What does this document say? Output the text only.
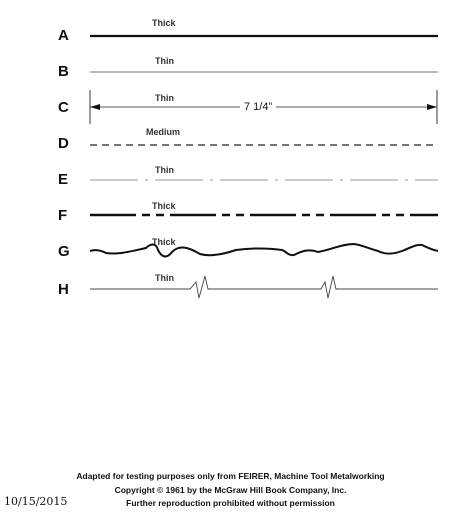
A
B
C
D
E
F
G
H
Thick
Thin
Thin
Medium
Thin
Thick
Thick
Thin
7 1/4”
Adapted for testing purposes only from FEIRER, Machine Tool Metalworking
Copyright © 1961 by the McGraw Hill Book Company, Inc.
Further reproduction prohibited without permission
10/15/2015
